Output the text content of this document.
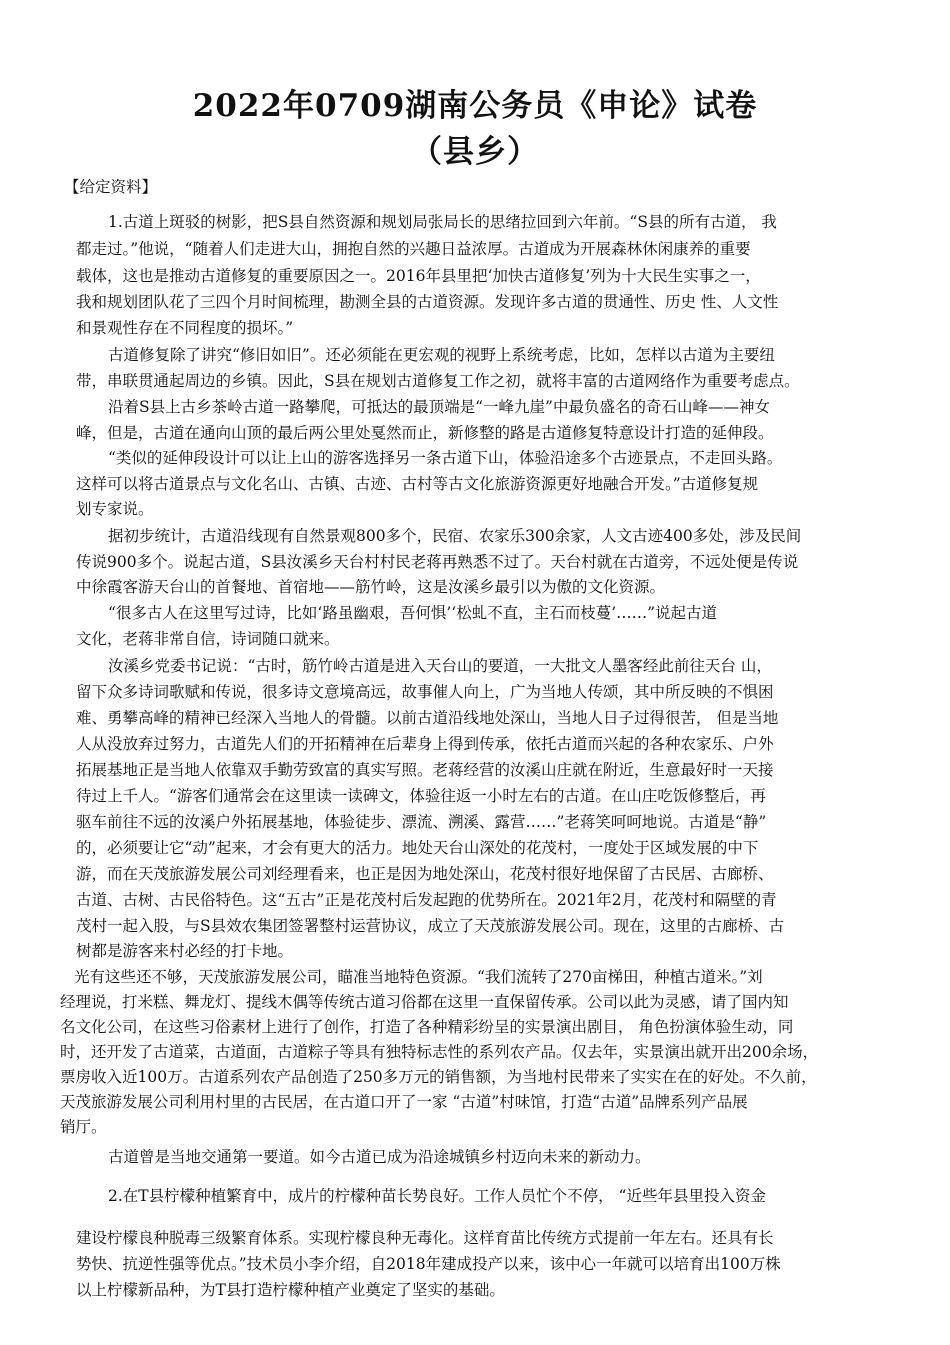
2022年0709湖南公务员《申论》试卷
（县乡）
【给定资料】
1.古道上斑驳的树影，把S县自然资源和规划局张局长的思绪拉回到六年前。“S县的所有古道， 我
都走过。”他说，“随着人们走进大山，拥抱自然的兴趣日益浓厚。古道成为开展森林休闲康养的重要
载体，这也是推动古道修复的重要原因之一。2016年县里把‘加快古道修复’列为十大民生实事之一，
我和规划团队花了三四个月时间梳理，勘测全县的古道资源。发现许多古道的贯通性、历史 性、人文性
和景观性存在不同程度的损坏。”
古道修复除了讲究“修旧如旧”。还必须能在更宏观的视野上系统考虑，比如，怎样以古道为主要纽
带，串联贯通起周边的乡镇。因此，S县在规划古道修复工作之初，就将丰富的古道网络作为重要考虑点。
沿着S县上古乡茶岭古道一路攀爬，可抵达的最顶端是“一峰九崖”中最负盛名的奇石山峰——神女
峰，但是，古道在通向山顶的最后两公里处戛然而止，新修整的路是古道修复特意设计打造的延伸段。
“类似的延伸段设计可以让上山的游客选择另一条古道下山，体验沿途多个古迹景点，不走回头路。
这样可以将古道景点与文化名山、古镇、古迹、古村等古文化旅游资源更好地融合开发。”古道修复规
划专家说。
据初步统计，古道沿线现有自然景观800多个，民宿、农家乐300余家，人文古迹400多处，涉及民间
传说900多个。说起古道，S县汝溪乡天台村村民老蒋再熟悉不过了。天台村就在古道旁，不远处便是传说
中徐霞客游天台山的首餐地、首宿地——筋竹岭，这是汝溪乡最引以为傲的文化资源。
“很多古人在这里写过诗，比如‘路虽幽艰，吾何惧’‘松虬不直，主石而枝蔓’……”说起古道
文化，老蒋非常自信，诗词随口就来。
汝溪乡党委书记说：“古时，筋竹岭古道是进入天台山的要道，一大批文人墨客经此前往天台 山，
留下众多诗词歌赋和传说，很多诗文意境高远，故事催人向上，广为当地人传颂，其中所反映的不惧困
难、勇攀高峰的精神已经深入当地人的骨髓。以前古道沿线地处深山，当地人日子过得很苦， 但是当地
人从没放弃过努力，古道先人们的开拓精神在后辈身上得到传承，依托古道而兴起的各种农家乐、户外
拓展基地正是当地人依靠双手勤劳致富的真实写照。老蒋经营的汝溪山庄就在附近，生意最好时一天接
待过上千人。“游客们通常会在这里读一读碑文，体验往返一小时左右的古道。在山庄吃饭修整后，再
驱车前往不远的汝溪户外拓展基地，体验徒步、漂流、溯溪、露营……”老蒋笑呵呵地说。古道是“静”
的，必须要让它“动”起来，才会有更大的活力。地处天台山深处的花茂村，一度处于区域发展的中下
游，而在天茂旅游发展公司刘经理看来，也正是因为地处深山，花茂村很好地保留了古民居、古廊桥、
古道、古树、古民俗特色。这“五古”正是花茂村后发起跑的优势所在。2021年2月，花茂村和隔壁的青
茂村一起入股，与S县效农集团签署整村运营协议，成立了天茂旅游发展公司。现在，这里的古廊桥、古
树都是游客来村必经的打卡地。
光有这些还不够，天茂旅游发展公司，瞄准当地特色资源。“我们流转了270亩梯田，种植古道米。”刘
经理说，打米糕、舞龙灯、提线木偶等传统古道习俗都在这里一直保留传承。公司以此为灵感，请了国内知
名文化公司，在这些习俗素材上进行了创作，打造了各种精彩纷呈的实景演出剧目， 角色扮演体验生动，同
时，还开发了古道菜，古道面，古道粽子等具有独特标志性的系列农产品。仅去年，实景演出就开出200余场，
票房收入近100万。古道系列农产品创造了250多万元的销售额，为当地村民带来了实实在在的好处。不久前，
天茂旅游发展公司利用村里的古民居，在古道口开了一家 “古道”村味馆，打造“古道”品牌系列产品展
销厅。
古道曾是当地交通第一要道。如今古道已成为沿途城镇乡村迈向未来的新动力。
2.在T县柠檬种植繁育中，成片的柠檬种苗长势良好。工作人员忙个不停， “近些年县里投入资金
建设柠檬良种脱毒三级繁育体系。实现柠檬良种无毒化。这样育苗比传统方式提前一年左右。还具有长
势快、抗逆性强等优点。”技术员小李介绍，自2018年建成投产以来，该中心一年就可以培育出100万株
以上柠檬新品种，为T县打造柠檬种植产业奠定了坚实的基础。
